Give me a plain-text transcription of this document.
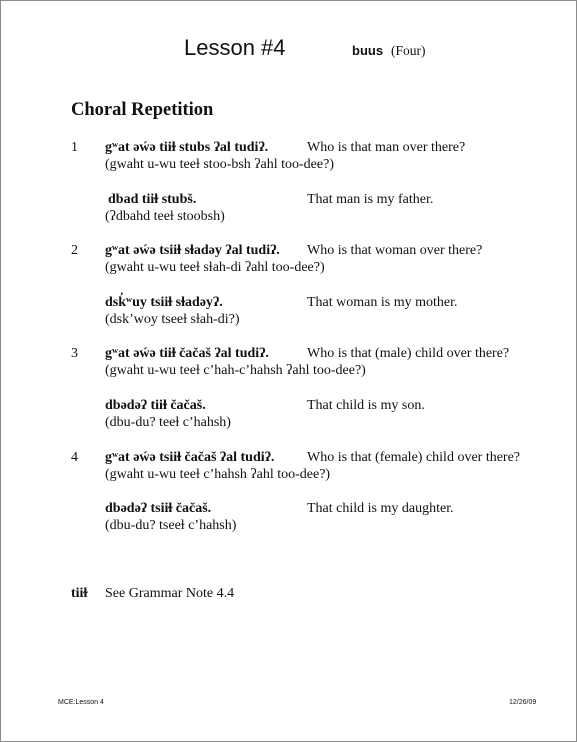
Lesson #4	buus (Four)
Choral Repetition
1 gʷat əẃə tiiɫ stubs ʔal tudiʔ.	Who is that man over there?
(gwaht u-wu teeɫ stoo-bsh ʔahl too-dee?)
dbad tiiɫ stubš.	That man is my father.
(ʔdbahd teeɫ stoobsh)
2 gʷat əẃə tsiiɫ sɫadəy ʔal tudiʔ. Who is that woman over there?
(gwaht u-wu teeɫ sɫah-di ʔahl too-dee?)
dsk̓ʷuy tsiiɫ sɫadəyʔ.	That woman is my mother.
(dsk’woy tseeɫ sɫah-di?)
3 gʷat əẃə tiiɫ čačaš ʔal tudiʔ.	Who is that (male) child over there?
(gwaht u-wu teeɫ c’hah-c’hahsh ʔahl too-dee?)
dbədəʔ tiiɫ čačaš.	That child is my son.
(dbu-du? teeɫ c’hahsh)
4 gʷat əẃə tsiiɫ čačaš ʔal tudiʔ. Who is that (female) child over there?
(gwaht u-wu teeɫ c’hahsh ʔahl too-dee?)
dbədəʔ tsiiɫ čačaš.	That child is my daughter.
(dbu-du? tseeɫ c’hahsh)
tiiɫ See Grammar Note 4.4
MCE:Lesson 4	12/26/09
